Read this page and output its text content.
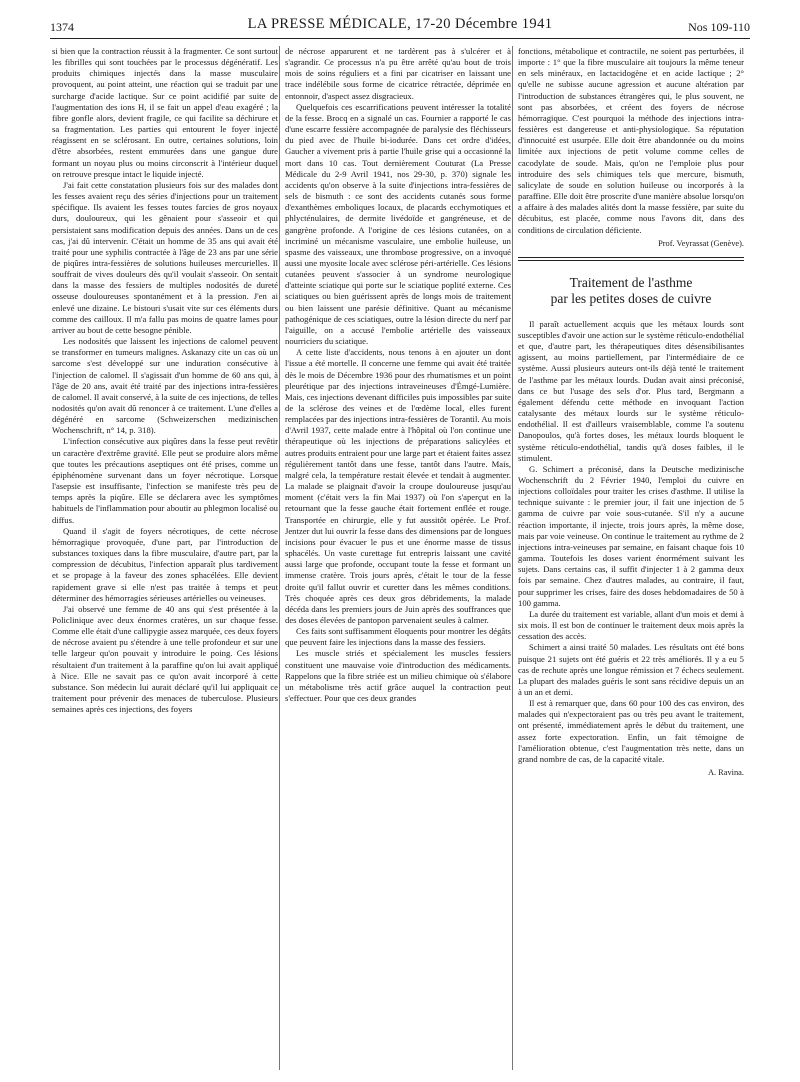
1374	LA PRESSE MÉDICALE, 17-20 Décembre 1941	Nos 109-110

si bien que la contraction réussit à la fragmenter. Ce sont surtout les fibrilles qui sont touchées par le processus dégénératif. Les produits chimiques injectés dans la masse musculaire provoquent, au point atteint, une réaction qui se traduit par une surcharge d'acide lactique. Sur ce point acidifié par suite de l'augmentation des ions H, il se fait un appel d'eau exagéré ; la fibre gonfle alors, devient fragile, ce qui facilite sa déchirure et sa fragmentation. Les parties qui entourent le foyer injecté réagissent en se sclérosant. En outre, certaines solutions, loin d'être absorbées, restent emmurées dans une gangue dure formant un noyau plus ou moins circonscrit à l'intérieur duquel on retrouve presque intact le liquide injecté.

J'ai fait cette constatation plusieurs fois sur des malades dont les fesses avaient reçu des séries d'injections pour un traitement spécifique. Ils avaient les fesses toutes farcies de gros noyaux durs, douloureux, qui les gênaient pour s'asseoir et qui persistaient sans modification depuis des années. Dans un de ces cas, j'ai dû intervenir. C'était un homme de 35 ans qui avait été traité pour une syphilis contractée à l'âge de 23 ans par une série de piqûres intra-fessières de solutions huileuses mercurielles. Il souffrait de vives douleurs dès qu'il voulait s'asseoir. On sentait dans la masse des fessiers de multiples nodosités de dureté osseuse douloureuses spontanément et à la pression. J'en ai enlevé une dizaine. Le bistouri s'usait vite sur ces éléments durs comme des cailloux. Il m'a fallu pas moins de quatre lames pour arriver au bout de cette besogne pénible.

Les nodosités que laissent les injections de calomel peuvent se transformer en tumeurs malignes. Askanazy cite un cas où un sarcome s'est développé sur une induration consécutive à l'injection de calomel. Il s'agissait d'un homme de 60 ans qui, à l'âge de 20 ans, avait été traité par des injections intra-fessières de calomel. Il avait conservé, à la suite de ces injections, de telles nodosités qu'on avait dû renoncer à ce traitement. L'une d'elles a dégénéré en sarcome (Schweizerschen medizinischen Wochenschrift, n° 14, p. 318).

L'infection consécutive aux piqûres dans la fesse peut revêtir un caractère d'extrême gravité. Elle peut se produire alors même que toutes les précautions aseptiques ont été prises, comme un épiphénomène survenant dans un foyer nécrotique. Lorsque l'asepsie est insuffisante, l'infection se manifeste très peu de temps après la piqûre. Elle se déclarera avec les symptômes habituels de l'inflammation pour aboutir au phlegmon localisé ou diffus.

Quand il s'agit de foyers nécrotiques, de cette nécrose hémorragique provoquée, d'une part, par l'introduction de substances toxiques dans la fibre musculaire, d'autre part, par la compression de décubitus, l'infection apparaît plus tardivement et se propage à la faveur des zones sphacélées. Elle devient rapidement grave si elle n'est pas traitée à temps et peut déterminer des hémorragies sérieuses artérielles ou veineuses.

J'ai observé une femme de 40 ans qui s'est présentée à la Policlinique avec deux énormes cratères, un sur chaque fesse. Comme elle était d'une callipygie assez marquée, ces deux foyers de nécrose avaient pu s'étendre à une telle profondeur et sur une telle largeur qu'on pouvait y introduire le poing. Ces lésions résultaient d'un traitement à la paraffine qu'on lui avait appliqué à Nice. Elle ne savait pas ce qu'on avait incorporé à cette substance. Son médecin lui aurait déclaré qu'il lui appliquait ce traitement pour prévenir des menaces de tuberculose. Plusieurs semaines après ces injections, des foyers

de nécrose apparurent et ne tardèrent pas à s'ulcérer et à s'agrandir. Ce processus n'a pu être arrêté qu'au bout de trois mois de soins réguliers et a fini par cicatriser en laissant une trace indélébile sous forme de cicatrice rétractée, déprimée en entonnoir, d'aspect assez disgracieux.

Quelquefois ces escarrifications peuvent intéresser la totalité de la fesse. Brocq en a signalé un cas. Fournier a rapporté le cas d'une escarre fessière accompagnée de paralysie des fléchisseurs du pied avec de l'huile bi-iodurée. Dans cet ordre d'idées, Gaucher a vivement pris à partie l'huile grise qui a occasionné la mort dans 10 cas. Tout dernièrement Couturat (La Presse Médicale du 2-9 Avril 1941, nos 29-30, p. 370) signale les accidents qu'on observe à la suite d'injections intra-fessières de sels de bismuth : ce sont des accidents cutanés sous forme d'exanthèmes emboliques locaux, de placards ecchymotiques et phlycténulaires, de dermite livédoïde et gangréneuse, et de gangrène profonde. A l'origine de ces lésions cutanées, on a incriminé un mécanisme vasculaire, une embolie huileuse, un spasme des vaisseaux, une thrombose progressive, on a invoqué aussi une myosite locale avec sclérose péri-artérielle. Ces lésions cutanées peuvent s'associer à un syndrome neurologique d'atteinte sciatique qui porte sur le sciatique poplité externe. Ces sciatiques ou bien guérissent après de longs mois de traitement ou bien laissent une parésie définitive. Quant au mécanisme pathogénique de ces sciatiques, outre la lésion directe du nerf par l'aiguille, on a accusé l'embolie artérielle des vaisseaux nourriciers du sciatique.

A cette liste d'accidents, nous tenons à en ajouter un dont l'issue a été mortelle. Il concerne une femme qui avait été traitée dès le mois de Décembre 1936 pour des rhumatismes et un point pleurétique par des injections intraveineuses d'Émgé-Lumière. Mais, ces injections devenant difficiles puis impossibles par suite de la sclérose des veines et de l'œdème local, elles furent remplacées par des injections intra-fessières de Torantil. Au mois d'Avril 1937, cette malade entre à l'hôpital où l'on continue une thérapeutique où les injections de préparations salicylées et autres produits entraient pour une large part et étaient faites assez régulièrement tantôt dans une fesse, tantôt dans l'autre. Mais, malgré cela, la température restait élevée et tendait à augmenter. La malade se plaignait d'avoir la croupe douloureuse jusqu'au moment (c'était vers la fin Mai 1937) où l'on s'aperçut en la retournant que la fesse gauche était fortement enflée et rouge. Transportée en chirurgie, elle y fut aussitôt opérée. Le Prof. Jentzer dut lui ouvrir la fesse dans des dimensions par de longues incisions pour évacuer le pus et une énorme masse de tissus sphacélés. Un vaste curettage fut entrepris laissant une cavité aussi large que profonde, occupant toute la fesse et formant un immense cratère. Trois jours après, c'était le tour de la fesse droite qu'il fallut ouvrir et curetter dans les mêmes conditions. Très choquée après ces deux gros débridements, la malade décéda dans les premiers jours de Juin après des souffrances que des doses élevées de pantopon parvenaient seules à calmer.

Ces faits sont suffisamment éloquents pour montrer les dégâts que peuvent faire les injections dans la masse des fessiers.

Les muscle striés et spécialement les muscles fessiers constituent une mauvaise voie d'introduction des médicaments. Rappelons que la fibre striée est un milieu chimique où s'élabore un métabolisme très actif grâce auquel la contraction peut s'effectuer. Pour que ces deux grandes

fonctions, métabolique et contractile, ne soient pas perturbées, il importe : 1° que la fibre musculaire ait toujours la même teneur en sels minéraux, en lactacidogène et en acide lactique ; 2° qu'elle ne subisse aucune agression et aucune altération par l'introduction de substances étrangères qui, le plus souvent, ne sont pas absorbées, et créent des foyers de nécrose hémorragique. C'est pourquoi la méthode des injections intra-fessières est dangereuse et anti-physiologique. Sa réputation d'innocuité est usurpée. Elle doit être abandonnée ou du moins limitée aux injections de petit volume comme celles de cacodylate de soude. Mais, qu'on ne l'emploie plus pour introduire des sels chimiques tels que mercure, bismuth, salicylate de soude en solution huileuse ou incorporés à la paraffine. Elle doit être proscrite d'une manière absolue lorsqu'on a affaire à des malades alités dont la masse fessière, par suite du décubitus, est placée, comme nous l'avons dit, dans des conditions de circulation déficiente.

Prof. Veyrassat (Genève).
Traitement de l'asthme
par les petites doses de cuivre

Il paraît actuellement acquis que les métaux lourds sont susceptibles d'avoir une action sur le système réticulo-endothélial et que, d'autre part, les thérapeutiques dites désensibilisantes agissent, au moins partiellement, par l'intermédiaire de ce système. Aussi plusieurs auteurs ont-ils déjà tenté le traitement de l'asthme par les métaux lourds. Dudan avait ainsi préconisé, dans ce but l'usage des sels d'or. Plus tard, Bergmann a également défendu cette méthode en invoquant l'action catalysante des métaux lourds sur le système réticulo-endothélial. Il est d'ailleurs vraisemblable, comme l'a soutenu Danopoulos, qu'à fortes doses, les métaux lourds bloquent le système réticulo-endothélial, tandis qu'à doses faibles, il le stimulent.

G. Schimert a préconisé, dans la Deutsche medizinische Wochenschrift du 2 Février 1940, l'emploi du cuivre en injections colloïdales pour traiter les crises d'asthme. Il utilise la technique suivante : le premier jour, il fait une injection de 5 gamma de cuivre par voie sous-cutanée. S'il n'y a aucune réaction importante, il injecte, trois jours après, la même dose, mais par voie veineuse. On continue le traitement au rythme de 2 injections intra-veineuses par semaine, en faisant chaque fois 10 gamma. Toutefois les doses varient énormément suivant les sujets. Dans certains cas, il suffit d'injecter 1 à 2 gamma deux fois par semaine. Chez d'autres malades, au contraire, il faut, pour supprimer les crises, faire des doses hebdomadaires de 50 à 100 gamma.

La durée du traitement est variable, allant d'un mois et demi à six mois. Il est bon de continuer le traitement deux mois après la cessation des accès.

Schimert a ainsi traité 50 malades. Les résultats ont été bons puisque 21 sujets ont été guéris et 22 très améliorés. Il y a eu 5 cas de rechute après une longue rémission et 7 échecs seulement. La plupart des malades guéris le sont sans récidive depuis un an à un an et demi.

Il est à remarquer que, dans 60 pour 100 des cas environ, des malades qui n'expectoraient pas ou très peu avant le traitement, ont présenté, immédiatement après le début du traitement, une assez forte expectoration. Enfin, un fait témoigne de l'amélioration obtenue, c'est l'augmentation très nette, dans un grand nombre de cas, de la capacité vitale.

A. Ravina.
